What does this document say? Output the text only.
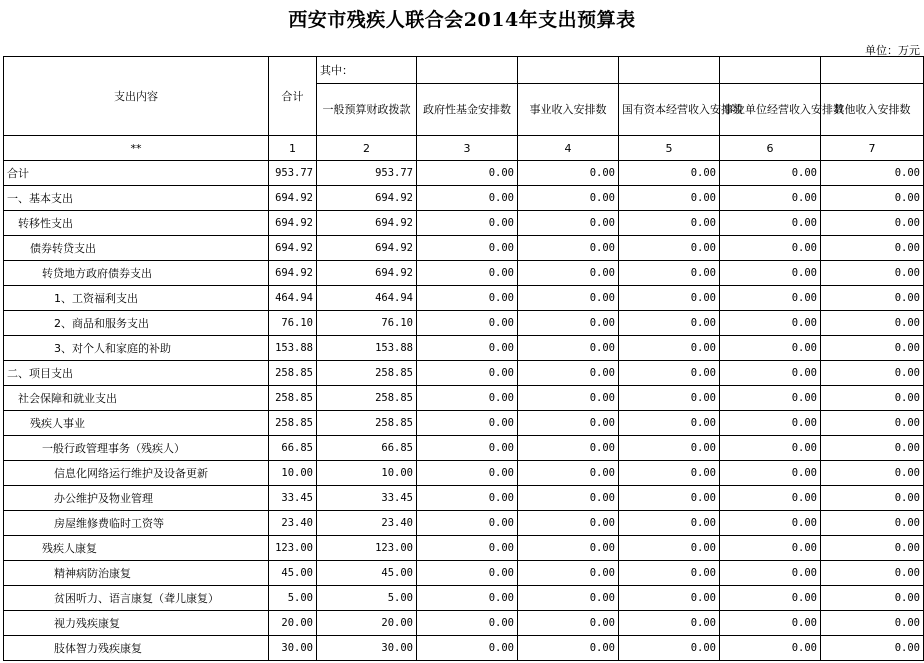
西安市残疾人联合会2014年支出预算表
单位：万元
支出内容	合计	其中：					
		一般预算财政拨款	政府性基金安排数	事业收入安排数	国有资本经营收入安排数	事业单位经营收入安排数	其他收入安排数
**	1	2	3	4	5	6	7
合计	953.77	953.77	0.00	0.00	0.00	0.00	0.00
一、基本支出	694.92	694.92	0.00	0.00	0.00	0.00	0.00
转移性支出	694.92	694.92	0.00	0.00	0.00	0.00	0.00
债券转贷支出	694.92	694.92	0.00	0.00	0.00	0.00	0.00
转贷地方政府债券支出	694.92	694.92	0.00	0.00	0.00	0.00	0.00
1、工资福利支出	464.94	464.94	0.00	0.00	0.00	0.00	0.00
2、商品和服务支出	76.10	76.10	0.00	0.00	0.00	0.00	0.00
3、对个人和家庭的补助	153.88	153.88	0.00	0.00	0.00	0.00	0.00
二、项目支出	258.85	258.85	0.00	0.00	0.00	0.00	0.00
社会保障和就业支出	258.85	258.85	0.00	0.00	0.00	0.00	0.00
残疾人事业	258.85	258.85	0.00	0.00	0.00	0.00	0.00
一般行政管理事务（残疾人）	66.85	66.85	0.00	0.00	0.00	0.00	0.00
信息化网络运行维护及设备更新	10.00	10.00	0.00	0.00	0.00	0.00	0.00
办公维护及物业管理	33.45	33.45	0.00	0.00	0.00	0.00	0.00
房屋维修费临时工资等	23.40	23.40	0.00	0.00	0.00	0.00	0.00
残疾人康复	123.00	123.00	0.00	0.00	0.00	0.00	0.00
精神病防治康复	45.00	45.00	0.00	0.00	0.00	0.00	0.00
贫困听力、语言康复（聋儿康复）	5.00	5.00	0.00	0.00	0.00	0.00	0.00
视力残疾康复	20.00	20.00	0.00	0.00	0.00	0.00	0.00
肢体智力残疾康复	30.00	30.00	0.00	0.00	0.00	0.00	0.00
